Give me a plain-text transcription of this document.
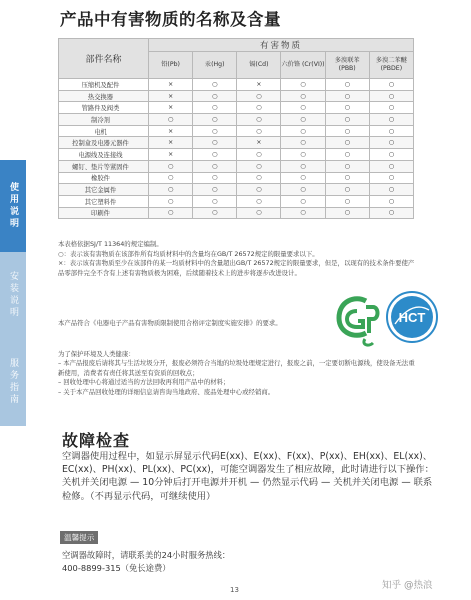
产品中有害物质的名称及含量
使用说明
安装说明
服务指南
部件名称	有害物质					
	铅(Pb)	汞(Hg)	镉(Cd)	六价铬 (Cr(VI))	多溴联苯 (PBB)	多溴二苯醚 (PBDE)
压缩机及配件	×	○	×	○	○	○
热交换器	×	○	○	○	○	○
管路件及阀类	×	○	○	○	○	○
制冷剂	○	○	○	○	○	○
电机	×	○	○	○	○	○
控制盒及电器元器件	×	○	×	○	○	○
电源线及连接线	×	○	○	○	○	○
螺钉、垫片等紧固件	○	○	○	○	○	○
橡胶件	○	○	○	○	○	○
其它金属件	○	○	○	○	○	○
其它塑料件	○	○	○	○	○	○
印刷件	○	○	○	○	○	○

本表格依据SJ/T 11364的规定编制。

○：表示该有害物质在该部件所有均质材料中的含量均在GB/T 26572规定的限量要求以下。

×：表示该有害物质至少在该部件的某一均质材料中的含量超出GB/T 26572规定的限量要求，但是，以现有的技术条件要使产品零部件完全不含有上述有害物质极为困难，后续随着技术上的进步将逐步改进设计。

本产品符合《电器电子产品有害物质限制使用合格评定制度实施安排》的要求。	HCT

为了保护环境及人类健康：

– 本产品报废后请将其与生活垃圾分开，报废必须符合当地的垃圾处理规定进行，报废之前，一定要切断电源线，使设备无法重新使用，消费者有责任将其送至有资质的回收点；

– 回收处理中心将通过适当的方法回收再利用产品中的材料；

– 关于本产品回收处理的详细信息请咨询当地政府、废品处理中心或经销商。

故障检查

空调器使用过程中，如显示屏显示代码E(xx)、E(xx)、F(xx)、P(xx)、EH(xx)、EL(xx)、EC(xx)、PH(xx)、PL(xx)、PC(xx)，可能空调器发生了相应故障，此时请进行以下操作：

关机并关闭电源 — 10分钟后打开电源并开机 — 仍然显示代码 — 关机并关闭电源 — 联系检修。（不再显示代码，可继续使用）

温馨提示

空调器故障时，请联系美的24小时服务热线：

400-8899-315（免长途费）

13	知乎 @热浪
